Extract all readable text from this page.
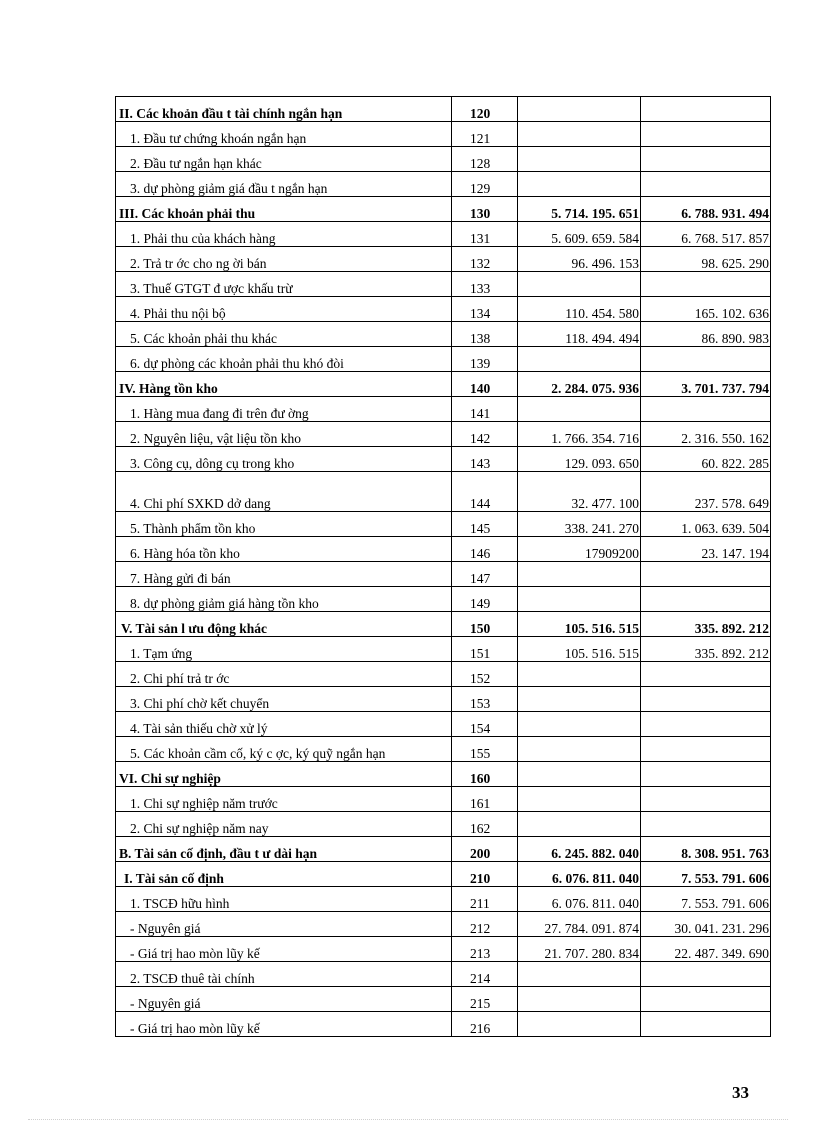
II. Các khoản đầu t tài chính ngắn hạn	120		
1. Đầu tư chứng khoán ngắn hạn	121		
2. Đầu tư ngắn hạn khác	128		
3. dự phòng giảm giá đầu t ngắn hạn	129		
III. Các khoản phải thu	130	5. 714. 195. 651	6. 788. 931. 494
1. Phải thu của khách hàng	131	5. 609. 659. 584	6. 768. 517. 857
2. Trả tr ớc cho ng ời bán	132	96. 496. 153	98. 625. 290
3. Thuế GTGT đ ược khấu trừ	133		
4. Phải thu nội bộ	134	110. 454. 580	165. 102. 636
5. Các khoản phải thu khác	138	118. 494. 494	86. 890. 983
6. dự phòng các khoản phải thu khó đòi	139		
IV. Hàng tồn kho	140	2. 284. 075. 936	3. 701. 737. 794
1. Hàng mua đang đi trên đư ờng	141		
2. Nguyên liệu, vật liệu tồn kho	142	1. 766. 354. 716	2. 316. 550. 162
3. Công cụ, dông cụ trong kho	143	129. 093. 650	60. 822. 285
4. Chi phí SXKD dở dang	144	32. 477. 100	237. 578. 649
5. Thành phẩm tồn kho	145	338. 241. 270	1. 063. 639. 504
6. Hàng hóa tồn kho	146	17909200	23. 147. 194
7. Hàng gửi đi bán	147		
8. dự phòng giảm giá hàng tồn kho	149		
V. Tài sản l ưu động khác	150	105. 516. 515	335. 892. 212
1. Tạm ứng	151	105. 516. 515	335. 892. 212
2. Chi phí trả tr ớc	152		
3. Chi phí chờ kết chuyển	153		
4. Tài sản thiếu chờ xử lý	154		
5. Các khoản cầm cố, ký c ợc, ký quỹ ngắn hạn	155		
VI. Chi sự nghiệp	160		
1. Chi sự nghiệp năm trước	161		
2. Chi sự nghiệp năm nay	162		
B. Tài sản cố định, đầu t ư dài hạn	200	6. 245. 882. 040	8. 308. 951. 763
I. Tài sản cố định	210	6. 076. 811. 040	7. 553. 791. 606
1. TSCĐ hữu hình	211	6. 076. 811. 040	7. 553. 791. 606
- Nguyên giá	212	27. 784. 091. 874	30. 041. 231. 296
- Giá trị hao mòn lũy kế	213	21. 707. 280. 834	22. 487. 349. 690
2. TSCĐ thuê tài chính	214		
- Nguyên giá	215		
- Giá trị hao mòn lũy kế	216		
33
